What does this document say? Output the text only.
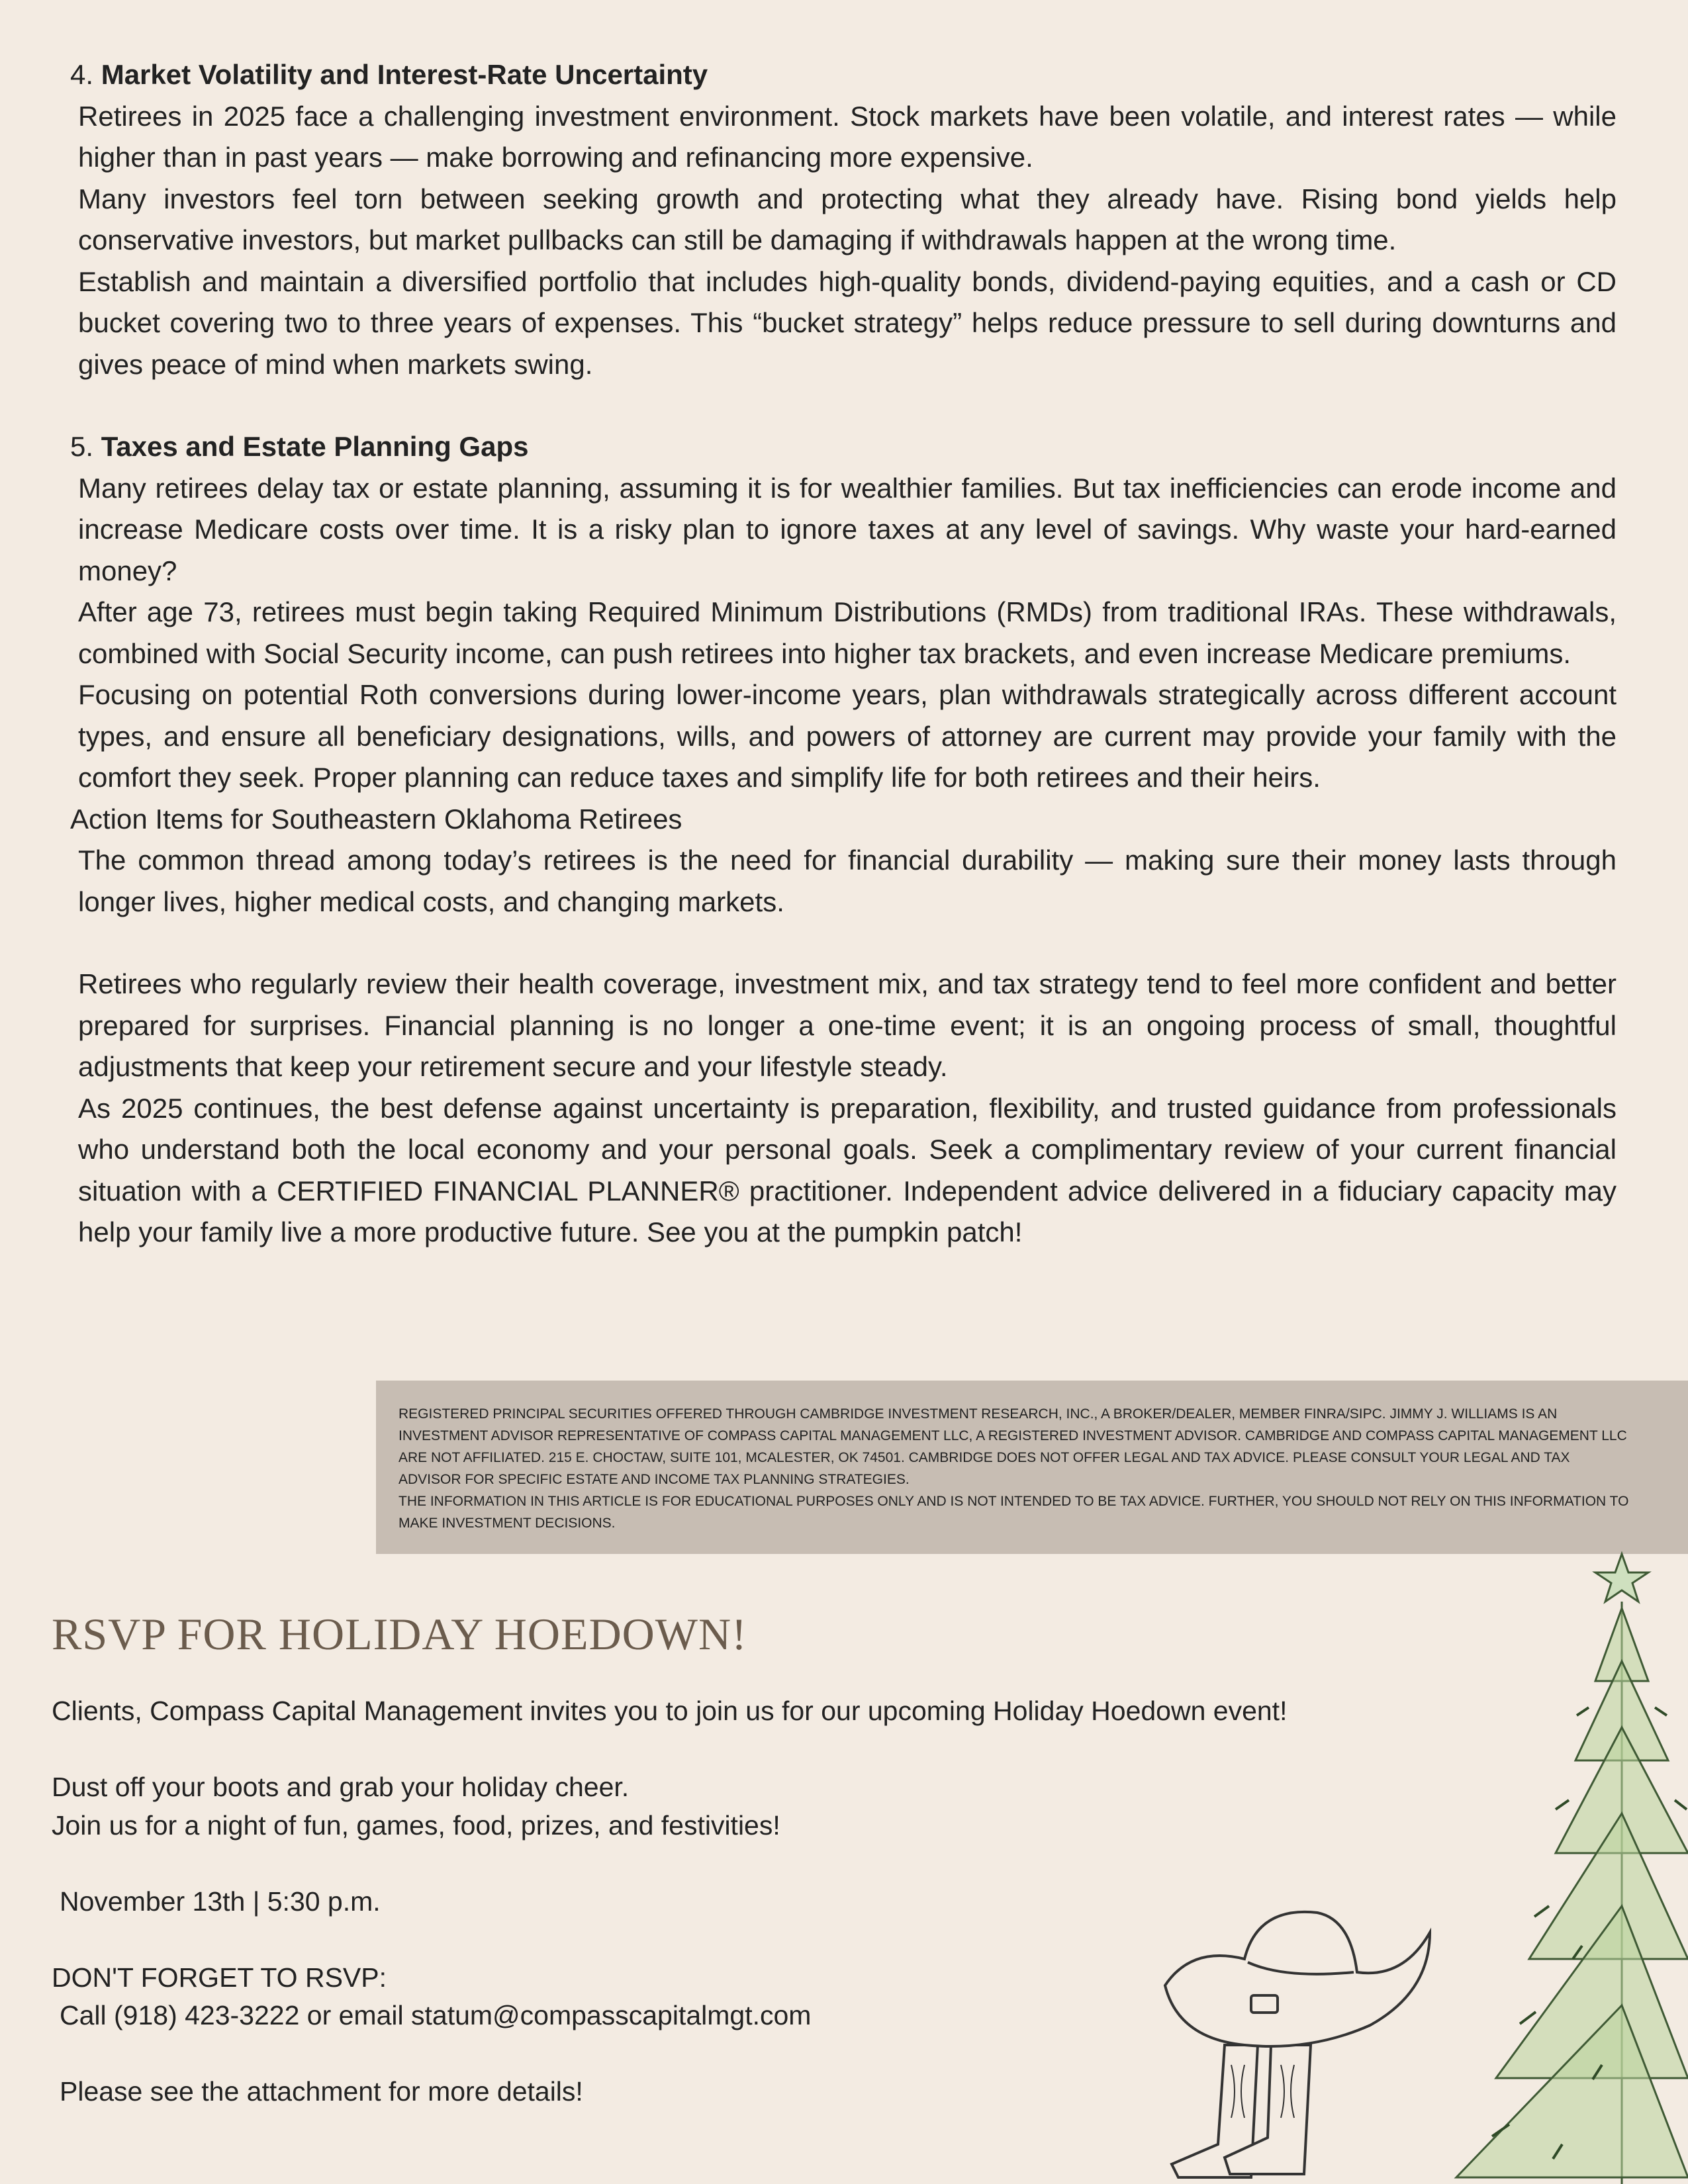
4. Market Volatility and Interest-Rate Uncertainty

Retirees in 2025 face a challenging investment environment. Stock markets have been volatile, and interest rates — while higher than in past years — make borrowing and refinancing more expensive.

Many investors feel torn between seeking growth and protecting what they already have. Rising bond yields help conservative investors, but market pullbacks can still be damaging if withdrawals happen at the wrong time.

Establish and maintain a diversified portfolio that includes high-quality bonds, dividend-paying equities, and a cash or CD bucket covering two to three years of expenses. This “bucket strategy” helps reduce pressure to sell during downturns and gives peace of mind when markets swing.

5. Taxes and Estate Planning Gaps

Many retirees delay tax or estate planning, assuming it is for wealthier families. But tax inefficiencies can erode income and increase Medicare costs over time. It is a risky plan to ignore taxes at any level of savings. Why waste your hard-earned money?

After age 73, retirees must begin taking Required Minimum Distributions (RMDs) from traditional IRAs. These withdrawals, combined with Social Security income, can push retirees into higher tax brackets, and even increase Medicare premiums.

Focusing on potential Roth conversions during lower-income years, plan withdrawals strategically across different account types, and ensure all beneficiary designations, wills, and powers of attorney are current may provide your family with the comfort they seek. Proper planning can reduce taxes and simplify life for both retirees and their heirs.

Action Items for Southeastern Oklahoma Retirees

The common thread among today’s retirees is the need for financial durability — making sure their money lasts through longer lives, higher medical costs, and changing markets.

Retirees who regularly review their health coverage, investment mix, and tax strategy tend to feel more confident and better prepared for surprises. Financial planning is no longer a one-time event; it is an ongoing process of small, thoughtful adjustments that keep your retirement secure and your lifestyle steady.

As 2025 continues, the best defense against uncertainty is preparation, flexibility, and trusted guidance from professionals who understand both the local economy and your personal goals. Seek a complimentary review of your current financial situation with a CERTIFIED FINANCIAL PLANNER® practitioner. Independent advice delivered in a fiduciary capacity may help your family live a more productive future. See you at the pumpkin patch!

REGISTERED PRINCIPAL SECURITIES OFFERED THROUGH CAMBRIDGE INVESTMENT RESEARCH, INC., A BROKER/DEALER, MEMBER FINRA/SIPC. JIMMY J. WILLIAMS IS AN INVESTMENT ADVISOR REPRESENTATIVE OF COMPASS CAPITAL MANAGEMENT LLC, A REGISTERED INVESTMENT ADVISOR. CAMBRIDGE AND COMPASS CAPITAL MANAGEMENT LLC ARE NOT AFFILIATED. 215 E. CHOCTAW, SUITE 101, MCALESTER, OK 74501. CAMBRIDGE DOES NOT OFFER LEGAL AND TAX ADVICE. PLEASE CONSULT YOUR LEGAL AND TAX ADVISOR FOR SPECIFIC ESTATE AND INCOME TAX PLANNING STRATEGIES.

THE INFORMATION IN THIS ARTICLE IS FOR EDUCATIONAL PURPOSES ONLY AND IS NOT INTENDED TO BE TAX ADVICE. FURTHER, YOU SHOULD NOT RELY ON THIS INFORMATION TO MAKE INVESTMENT DECISIONS.

RSVP FOR HOLIDAY HOEDOWN!

Clients, Compass Capital Management invites you to join us for our upcoming Holiday Hoedown event!

Dust off your boots and grab your holiday cheer.

Join us for a night of fun, games, food, prizes, and festivities!

November 13th | 5:30 p.m.

DON'T FORGET TO RSVP:

Call (918) 423-3222 or email statum@compasscapitalmgt.com

Please see the attachment for more details!
